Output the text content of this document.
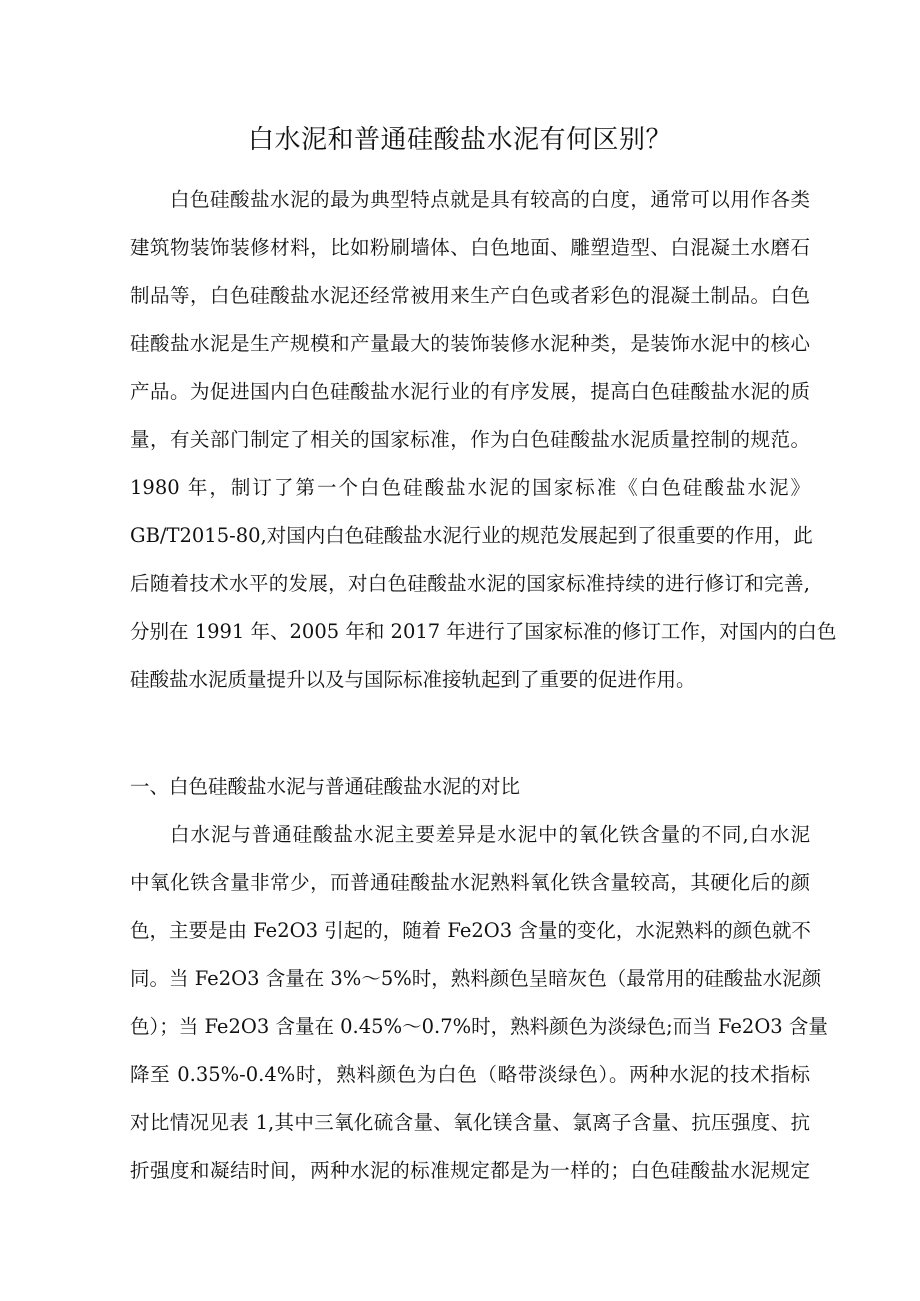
白水泥和普通硅酸盐水泥有何区别？
白色硅酸盐水泥的最为典型特点就是具有较高的白度，通常可以用作各类
建筑物装饰装修材料，比如粉刷墙体、白色地面、雕塑造型、白混凝土水磨石
制品等，白色硅酸盐水泥还经常被用来生产白色或者彩色的混凝土制品。白色
硅酸盐水泥是生产规模和产量最大的装饰装修水泥种类，是装饰水泥中的核心
产品。为促进国内白色硅酸盐水泥行业的有序发展，提高白色硅酸盐水泥的质
量，有关部门制定了相关的国家标准，作为白色硅酸盐水泥质量控制的规范。
1980 年，制订了第一个白色硅酸盐水泥的国家标准《白色硅酸盐水泥》
GB/T2015-80,对国内白色硅酸盐水泥行业的规范发展起到了很重要的作用，此
后随着技术水平的发展，对白色硅酸盐水泥的国家标准持续的进行修订和完善,
分别在 1991 年、2005 年和 2017 年进行了国家标准的修订工作，对国内的白色
硅酸盐水泥质量提升以及与国际标准接轨起到了重要的促进作用。
一、白色硅酸盐水泥与普通硅酸盐水泥的对比
白水泥与普通硅酸盐水泥主要差异是水泥中的氧化铁含量的不同,白水泥
中氧化铁含量非常少，而普通硅酸盐水泥熟料氧化铁含量较高，其硬化后的颜
色，主要是由 Fe2O3 引起的，随着 Fe2O3 含量的变化，水泥熟料的颜色就不
同。当 Fe2O3 含量在 3%～5%时，熟料颜色呈暗灰色（最常用的硅酸盐水泥颜
色）；当 Fe2O3 含量在 0.45%～0.7%时，熟料颜色为淡绿色;而当 Fe2O3 含量
降至 0.35%-0.4%时，熟料颜色为白色（略带淡绿色）。两种水泥的技术指标
对比情况见表 1,其中三氧化硫含量、氧化镁含量、氯离子含量、抗压强度、抗
折强度和凝结时间，两种水泥的标准规定都是为一样的；白色硅酸盐水泥规定
